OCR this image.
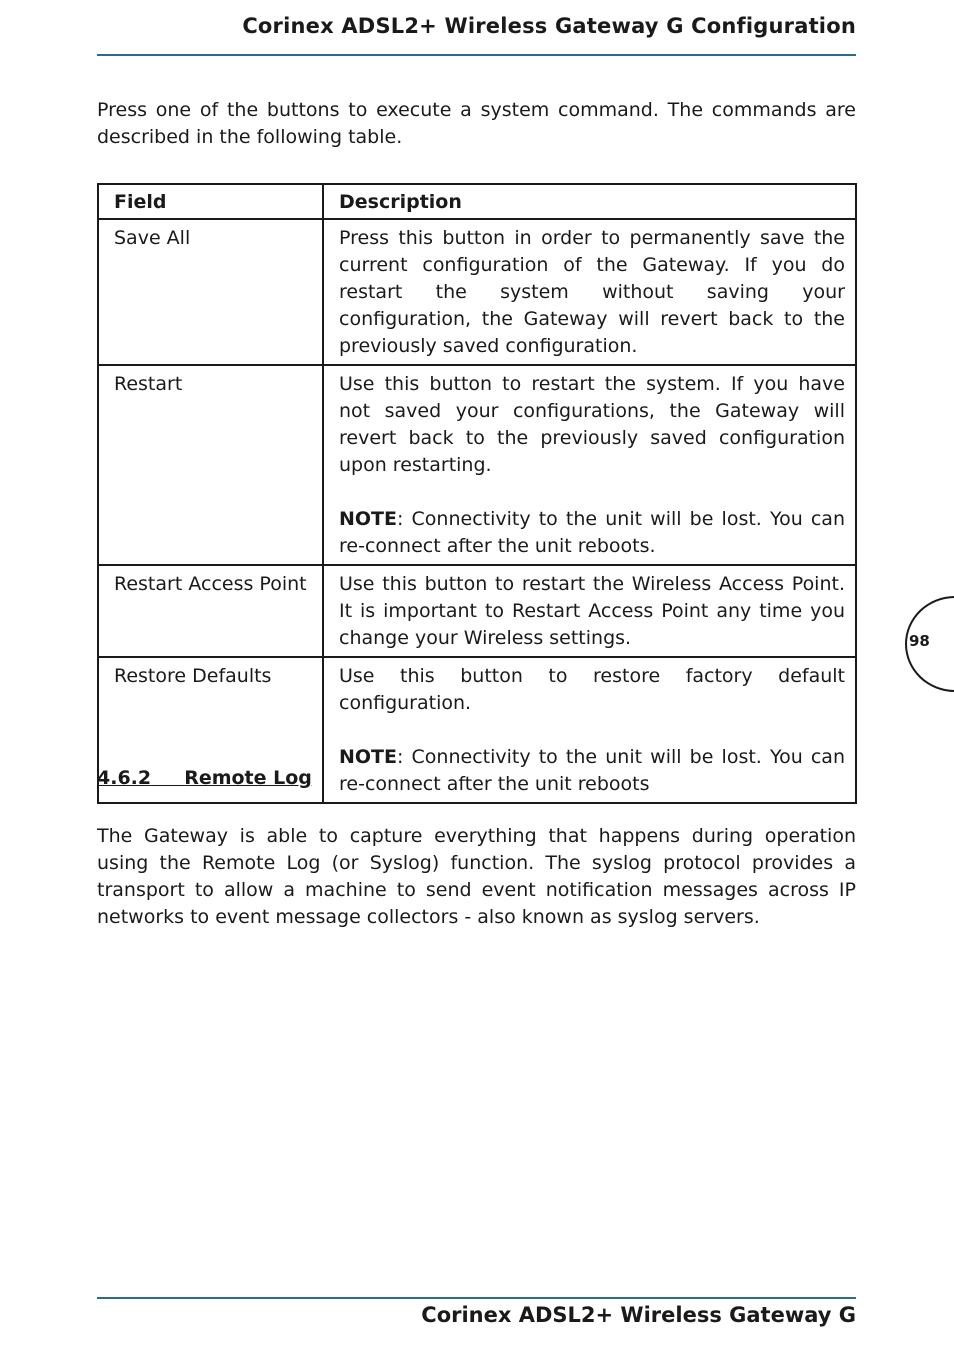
Corinex ADSL2+ Wireless Gateway G Configuration

Press one of the buttons to execute a system command. The commands are described in the following table.

Field	Description
Save All	Press this button in order to permanently save the current configuration of the Gateway. If you do restart the system without saving your configuration, the Gateway will revert back to the previously saved configuration.

Restart	Use this button to restart the system. If you have not saved your configurations, the Gateway will revert back to the previously saved configuration upon restarting.

NOTE: Connectivity to the unit will be lost. You can re-connect after the unit reboots.

Restart Access Point	Use this button to restart the Wireless Access Point. It is important to Restart Access Point any time you change your Wireless settings.

Restore Defaults	Use this button to restore factory default configuration.

NOTE: Connectivity to the unit will be lost. You can re-connect after the unit reboots

4.6.2 Remote Log

The Gateway is able to capture everything that happens during operation using the Remote Log (or Syslog) function. The syslog protocol provides a transport to allow a machine to send event notification messages across IP networks to event message collectors - also known as syslog servers.

98
Corinex ADSL2+ Wireless Gateway G
